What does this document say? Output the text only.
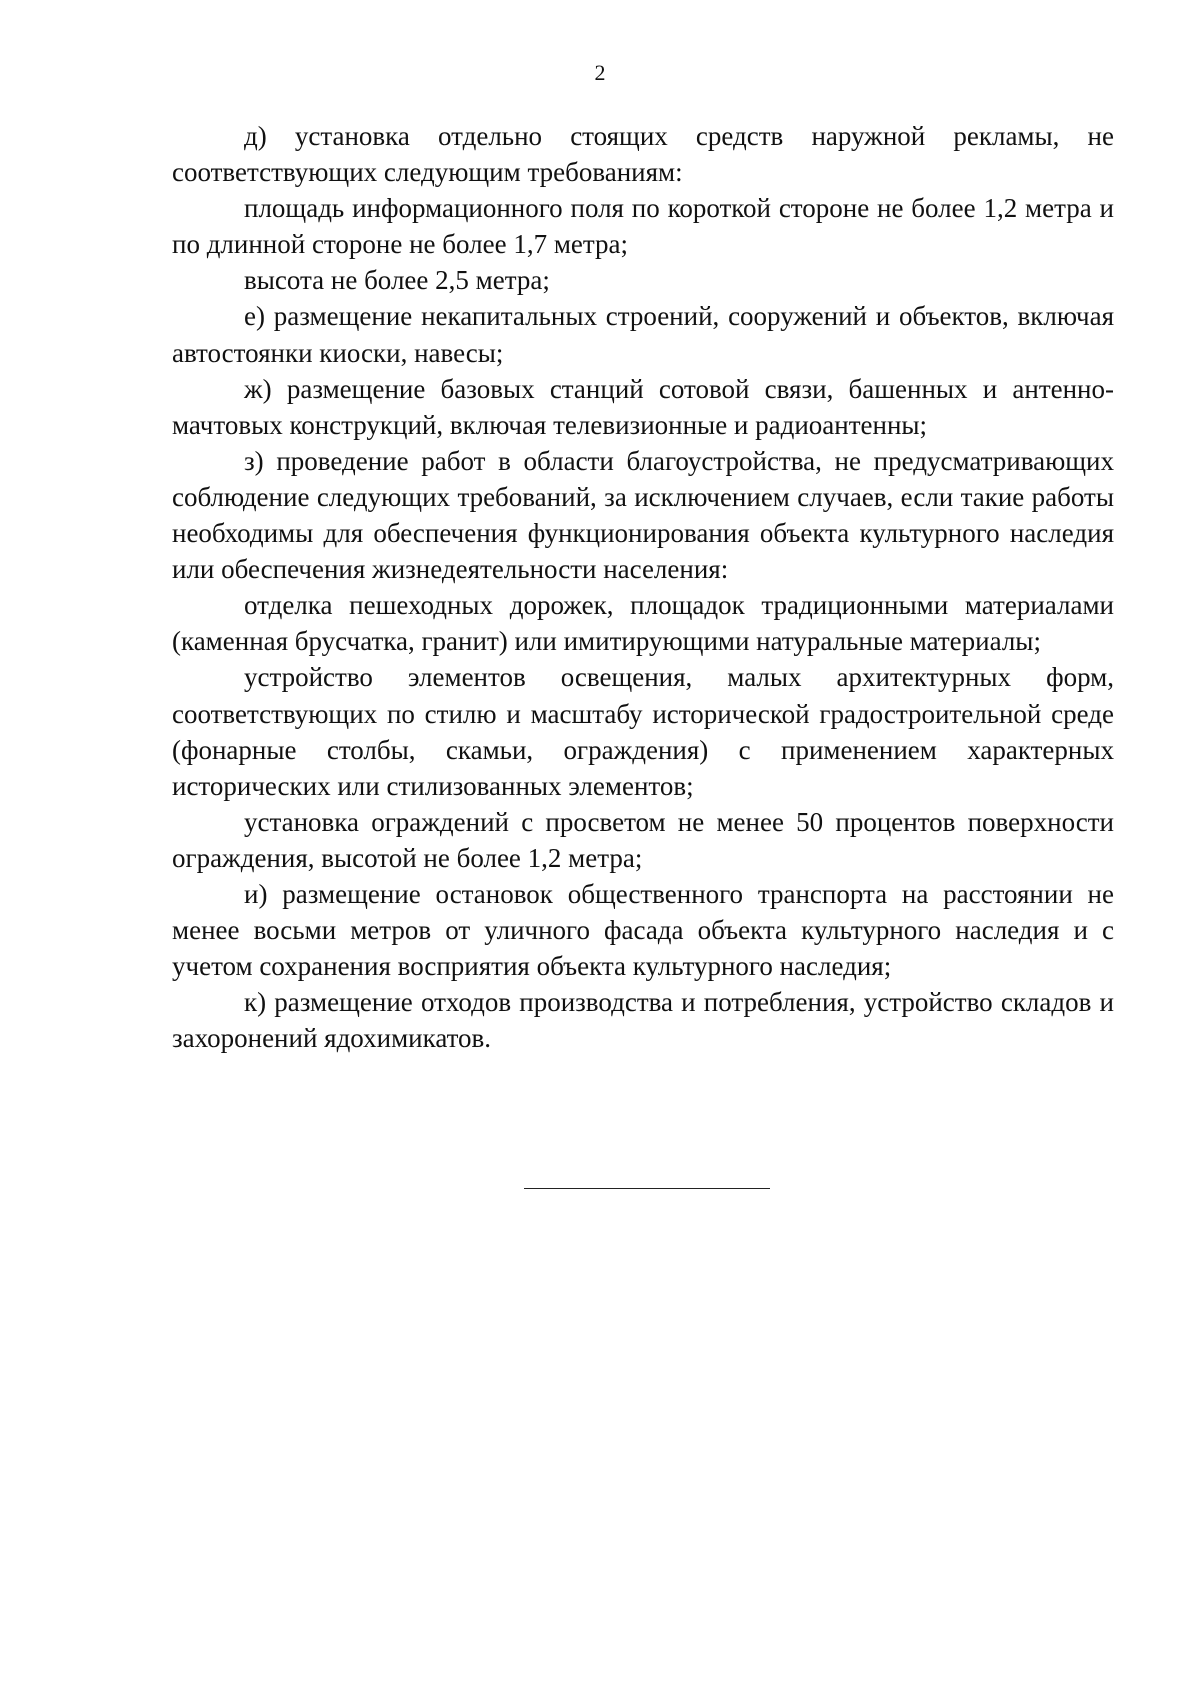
2

д) установка отдельно стоящих средств наружной рекламы, не соответствующих следующим требованиям:

площадь информационного поля по короткой стороне не более 1,2 метра и по длинной стороне не более 1,7 метра;

высота не более 2,5 метра;

е) размещение некапитальных строений, сооружений и объектов, включая автостоянки киоски, навесы;

ж) размещение базовых станций сотовой связи, башенных и антенно-мачтовых конструкций, включая телевизионные и радиоантенны;

з) проведение работ в области благоустройства, не предусматривающих соблюдение следующих требований, за исключением случаев, если такие работы необходимы для обеспечения функционирования объекта культурного наследия или обеспечения жизнедеятельности населения:

отделка пешеходных дорожек, площадок традиционными материалами (каменная брусчатка, гранит) или имитирующими натуральные материалы;

устройство элементов освещения, малых архитектурных форм, соответствующих по стилю и масштабу исторической градостроительной среде (фонарные столбы, скамьи, ограждения) с применением характерных исторических или стилизованных элементов;

установка ограждений с просветом не менее 50 процентов поверхности ограждения, высотой не более 1,2 метра;

и) размещение остановок общественного транспорта на расстоянии не менее восьми метров от уличного фасада объекта культурного наследия и с учетом сохранения восприятия объекта культурного наследия;

к) размещение отходов производства и потребления, устройство складов и захоронений ядохимикатов.
